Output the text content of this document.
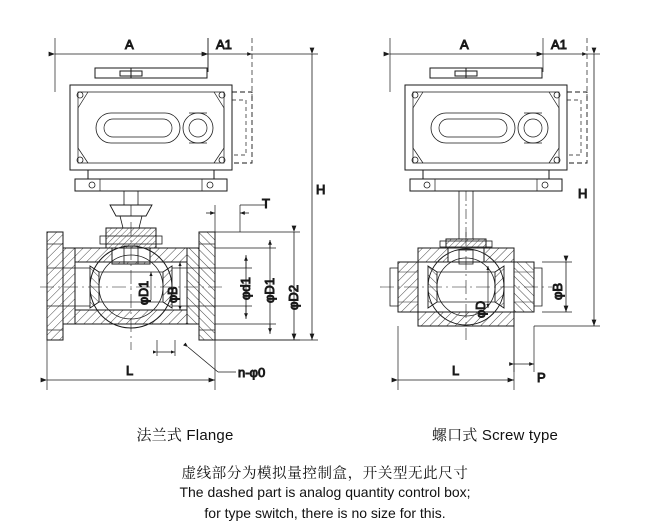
A	A1
T
H
φd1 φD1 φD2
φD1 φB
L	n-φ0
A	A1
H
φB
φD
L	P
法兰式 Flange	螺口式 Screw type
虚线部分为模拟量控制盒，开关型无此尺寸
The dashed part is analog quantity control box;
for type switch, there is no size for this.
